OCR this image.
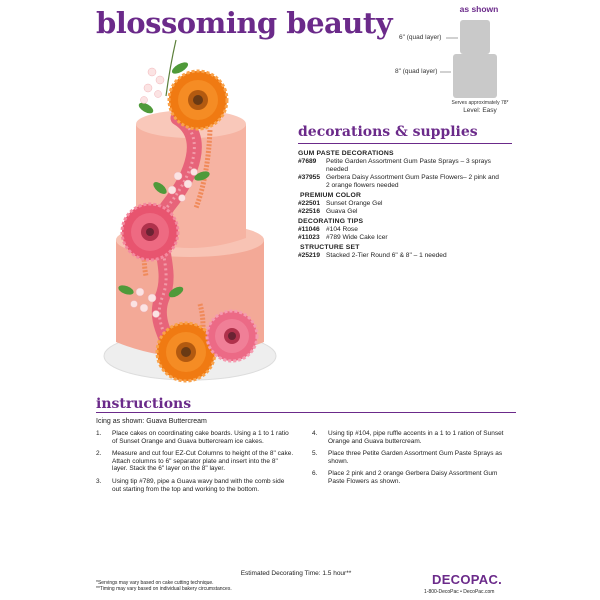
blossoming beauty	as shown
6" (quad layer)
8" (quad layer)
Serves approximately 78*
Level: Easy
decorations & supplies
GUM PASTE DECORATIONS
#7689	Petite Garden Assortment Gum Paste Sprays – 3 sprays
needed
#37955 Gerbera Daisy Assortment Gum Paste Flowers– 2 pink and
2 orange flowers needed
PREMIUM COLOR
#22501 Sunset Orange Gel
#22516 Guava Gel
DECORATING TIPS
#11046 #104 Rose
#11023 #789 Wide Cake Icer
STRUCTURE SET
#25219 Stacked 2-Tier Round 6" & 8" – 1 needed
instructions
Icing as shown: Guava Buttercream
1.	Place cakes on coordinating cake boards. Using a 1 to 1 ratio
of Sunset Orange and Guava buttercream ice cakes.
2.	Measure and cut four EZ-Cut Columns to height of the 8" cake.
Attach columns to 6" separator plate and insert into the 8"
layer. Stack the 6" layer on the 8" layer.
3.	Using tip #789, pipe a Guava wavy band with the comb side
out starting from the top and working to the bottom.
4.	Using tip #104, pipe ruffle accents in a 1 to 1 ration of Sunset
Orange and Guava buttercream.
5.	Place three Petite Garden Assortment Gum Paste Sprays as
shown.
6.	Place 2 pink and 2 orange Gerbera Daisy Assortment Gum
Paste Flowers as shown.
Estimated Decorating Time: 1.5 hour**
*Servings may vary based on cake cutting technique.
**Timing may vary based on individual bakery circumstances.
DECOPAC.
1-800-DecoPac • DecoPac.com
